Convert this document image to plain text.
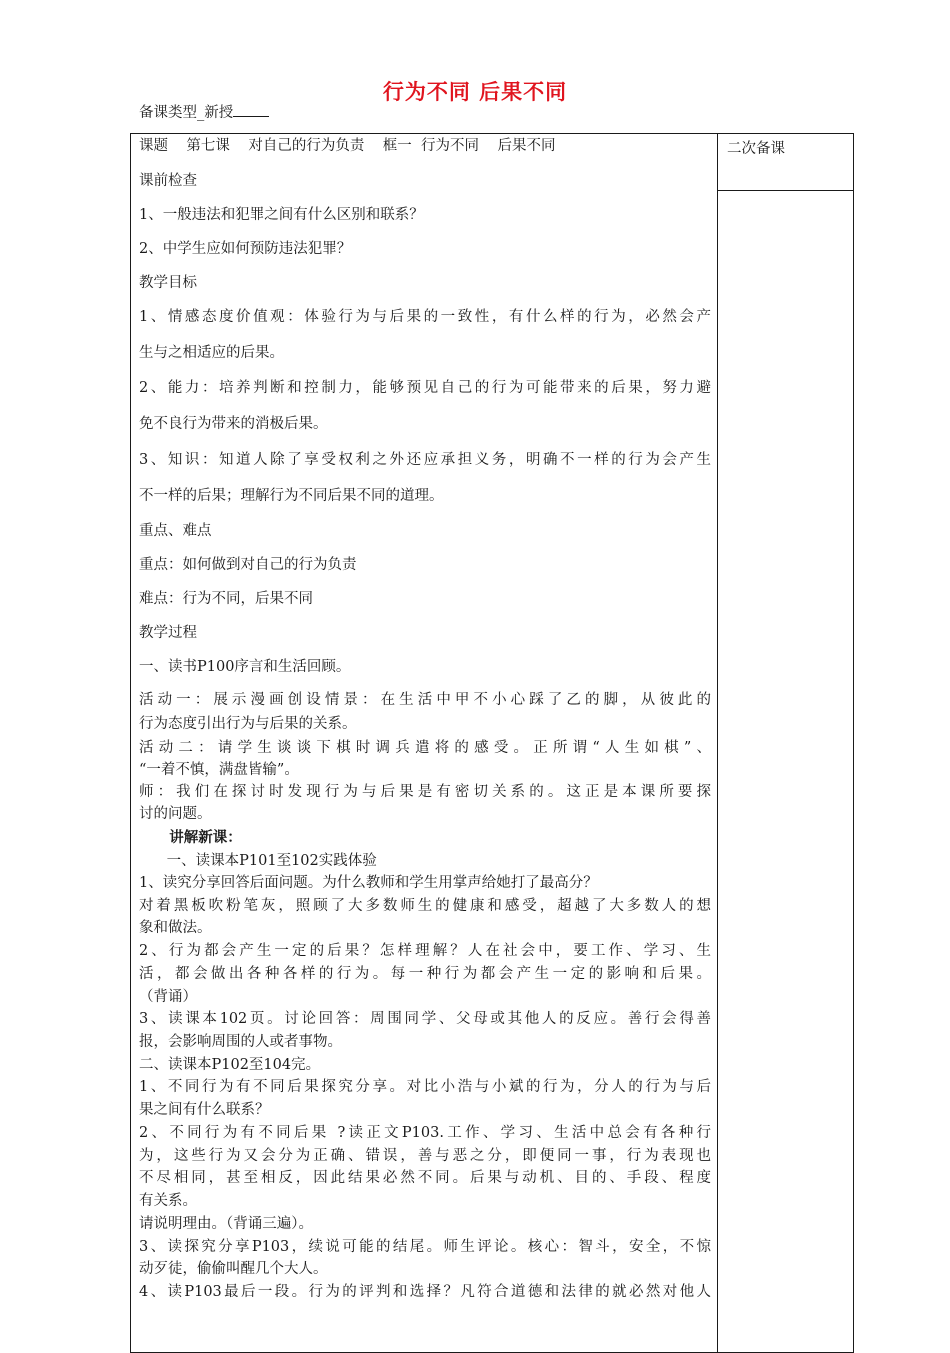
行为不同 后果不同
备课类型_新授
二次备课
课题    第七课    对自己的行为负责    框一  行为不同    后果不同
课前检查
1、一般违法和犯罪之间有什么区别和联系？
2、中学生应如何预防违法犯罪？
教学目标
1、情感态度价值观：体验行为与后果的一致性，有什么样的行为，必然会产
生与之相适应的后果。
2、能力：培养判断和控制力，能够预见自己的行为可能带来的后果，努力避
免不良行为带来的消极后果。
3、知识：知道人除了享受权利之外还应承担义务，明确不一样的行为会产生
不一样的后果；理解行为不同后果不同的道理。
重点、难点
重点：如何做到对自己的行为负责
难点：行为不同，后果不同
教学过程
一、读书P100序言和生活回顾。
活动一：展示漫画创设情景：在生活中甲不小心踩了乙的脚，从彼此的
行为态度引出行为与后果的关系。
活动二：请学生谈谈下棋时调兵遣将的感受。正所谓“人生如棋”、
“一着不慎，满盘皆输”。
师：我们在探讨时发现行为与后果是有密切关系的。这正是本课所要探
讨的问题。
讲解新课：
一、读课本P101至102实践体验
1、读究分享回答后面问题。为什么教师和学生用掌声给她打了最高分？
对着黑板吹粉笔灰，照顾了大多数师生的健康和感受，超越了大多数人的想
象和做法。
2、行为都会产生一定的后果？怎样理解？人在社会中，要工作、学习、生
活，都会做出各种各样的行为。每一种行为都会产生一定的影响和后果。
（背诵）
3、读课本102页。讨论回答：周围同学、父母或其他人的反应。善行会得善
报，会影响周围的人或者事物。
二、读课本P102至104完。
1、不同行为有不同后果探究分享。对比小浩与小斌的行为，分人的行为与后
果之间有什么联系？
2、不同行为有不同后果 ?读正文P103.工作、学习、生活中总会有各种行
为，这些行为又会分为正确、错误，善与恶之分，即便同一事，行为表现也
不尽相同，甚至相反，因此结果必然不同。后果与动机、目的、手段、程度
有关系。
请说明理由。（背诵三遍）。
3、读探究分享P103，续说可能的结尾。师生评论。核心：智斗，安全，不惊
动歹徒，偷偷叫醒几个大人。
4、读P103最后一段。行为的评判和选择？凡符合道德和法律的就必然对他人
